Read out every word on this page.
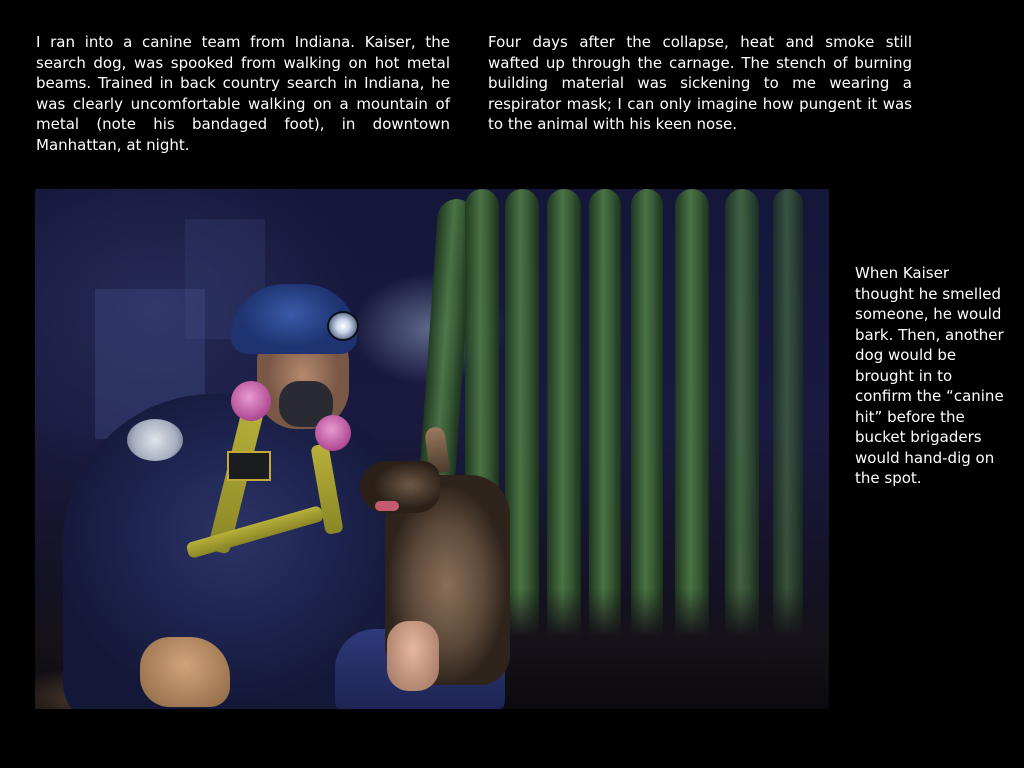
I ran into a canine team from Indiana. Kaiser, the search dog, was spooked from walking on hot metal beams. Trained in back country search in Indiana, he was clearly uncomfortable walking on a mountain of metal (note his bandaged foot), in downtown Manhattan, at night.

Four days after the collapse, heat and smoke still wafted up through the carnage. The stench of burning building material was sickening to me wearing a respirator mask; I can only imagine how pungent it was to the animal with his keen nose.

When Kaiser thought he smelled someone, he would bark. Then, another dog would be brought in to confirm the “canine hit” before the bucket brigaders would hand-dig on the spot.
